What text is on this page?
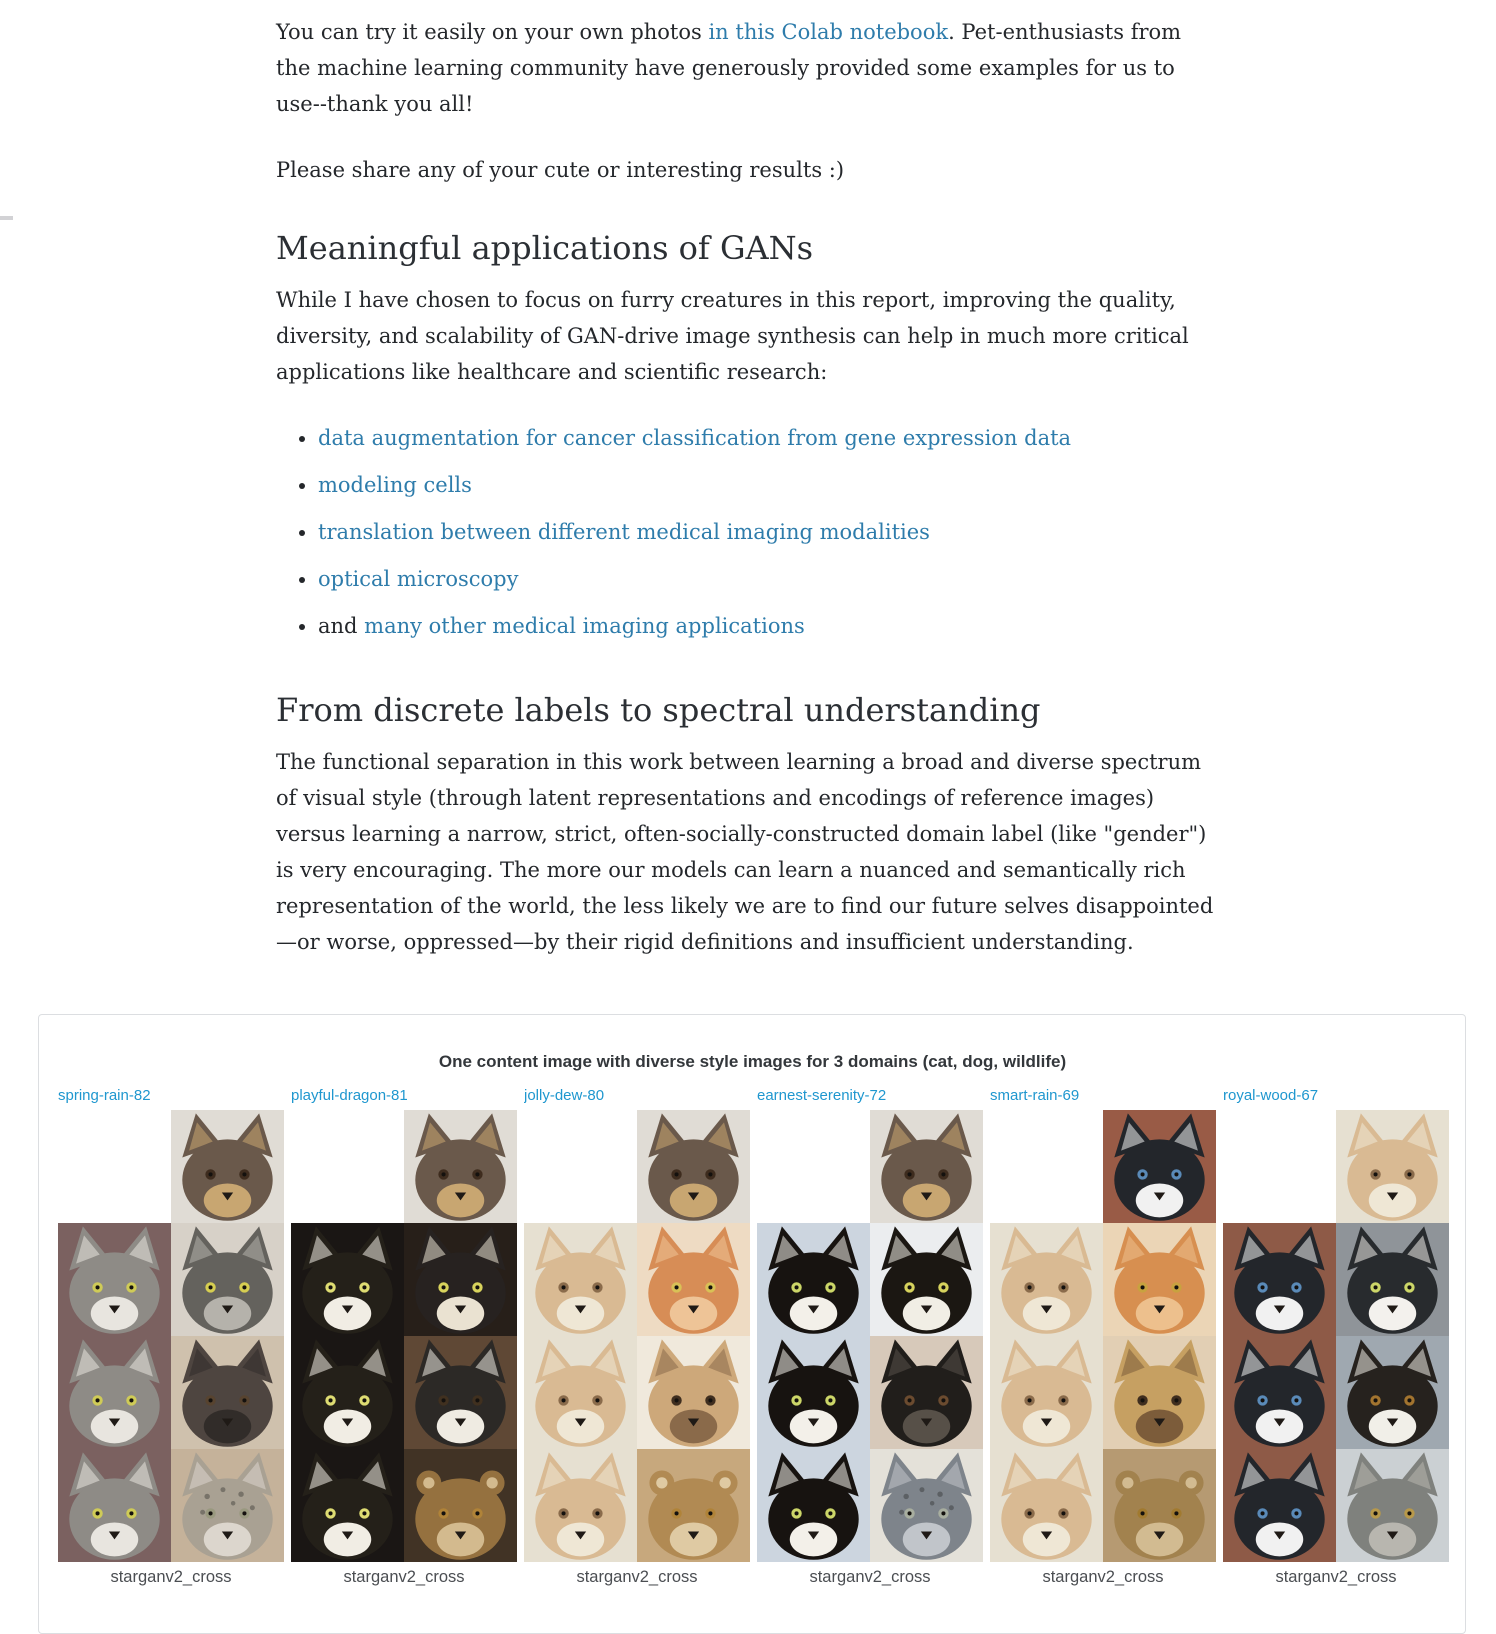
You can try it easily on your own photos in this Colab notebook. Pet-enthusiasts from the machine learning community have generously provided some examples for us to use--thank you all!

Please share any of your cute or interesting results :)

Meaningful applications of GANs

While I have chosen to focus on furry creatures in this report, improving the quality, diversity, and scalability of GAN-drive image synthesis can help in much more critical applications like healthcare and scientific research:

• data augmentation for cancer classification from gene expression data
• modeling cells
• translation between different medical imaging modalities
• optical microscopy
• and many other medical imaging applications
From discrete labels to spectral understanding

The functional separation in this work between learning a broad and diverse spectrum of visual style (through latent representations and encodings of reference images) versus learning a narrow, strict, often-socially-constructed domain label (like "gender") is very encouraging. The more our models can learn a nuanced and semantically rich representation of the world, the less likely we are to find our future selves disappointed—or worse, oppressed—by their rigid definitions and insufficient understanding.

One content image with diverse style images for 3 domains (cat, dog, wildlife)
spring-rain-82
starganv2_cross
playful-dragon-81
starganv2_cross
jolly-dew-80
starganv2_cross
earnest-serenity-72
starganv2_cross
smart-rain-69
starganv2_cross
royal-wood-67
starganv2_cross
